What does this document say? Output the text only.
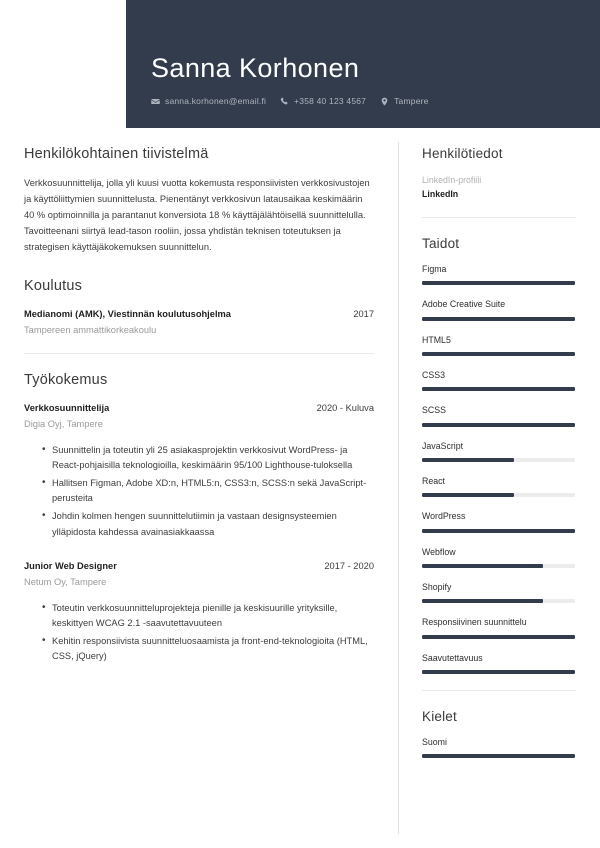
Sanna Korhonen
sanna.korhonen@email.fi	+358 40 123 4567	Tampere
Henkilökohtainen tiivistelmä

Verkkosuunnittelija, jolla yli kuusi vuotta kokemusta responsiivisten verkkosivustojen ja käyttöliittymien suunnittelusta. Pienentänyt verkkosivun latausaikaa keskimäärin 40 % optimoinnilla ja parantanut konversiota 18 % käyttäjälähtöisellä suunnittelulla. Tavoitteenani siirtyä lead-tason rooliin, jossa yhdistän teknisen toteutuksen ja strategisen käyttäjäkokemuksen suunnittelun.

Koulutus
Medianomi (AMK), Viestinnän koulutusohjelma	2017
Tampereen ammattikorkeakoulu
Työkokemus
Verkkosuunnittelija	2020 - Kuluva
Digia Oyj, Tampere
• Suunnittelin ja toteutin yli 25 asiakasprojektin verkkosivut WordPress- ja React-pohjaisilla teknologioilla, keskimäärin 95/100 Lighthouse-tuloksella
• Hallitsen Figman, Adobe XD:n, HTML5:n, CSS3:n, SCSS:n sekä JavaScript-perusteita
• Johdin kolmen hengen suunnittelutiimin ja vastaan designsysteemien ylläpidosta kahdessa avainasiakkaassa
Junior Web Designer	2017 - 2020
Netum Oy, Tampere
• Toteutin verkkosuunnitteluprojekteja pienille ja keskisuurille yrityksille, keskittyen WCAG 2.1 -saavutettavuuteen
• Kehitin responsiivista suunnitteluosaamista ja front-end-teknologioita (HTML, CSS, jQuery)
Henkilötiedot
LinkedIn-profiili
LinkedIn
Taidot
Figma
Adobe Creative Suite
HTML5
CSS3
SCSS
JavaScript
React
WordPress
Webflow
Shopify
Responsiivinen suunnittelu
Saavutettavuus
Kielet
Suomi
